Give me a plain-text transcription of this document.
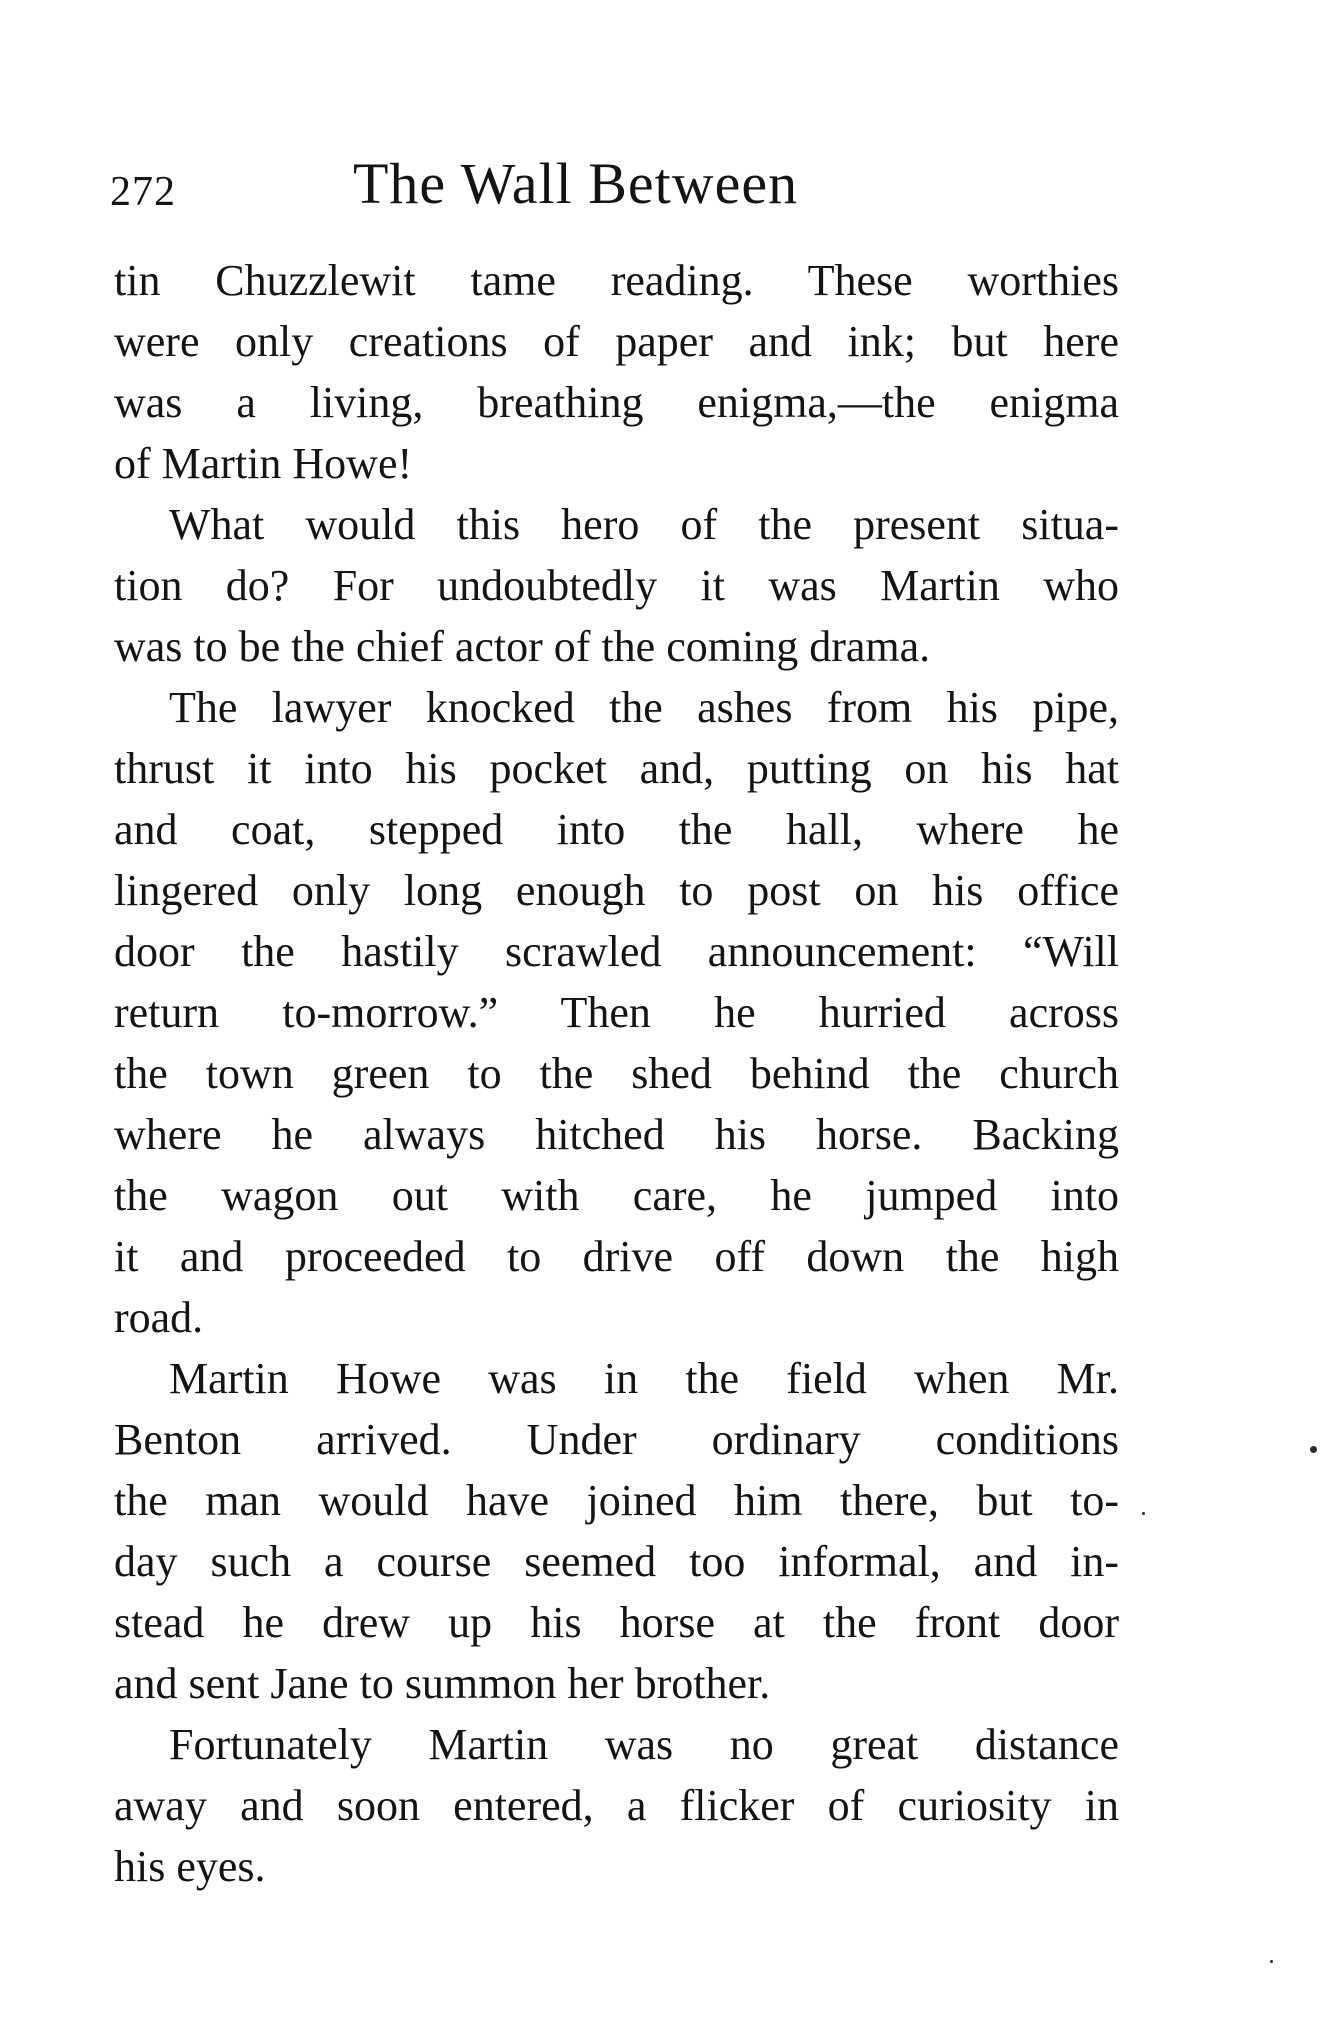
272	The Wall Between
tin Chuzzlewit tame reading. These worthies
were only creations of paper and ink; but here
was a living, breathing enigma,—the enigma
of Martin Howe!
What would this hero of the present situa-
tion do? For undoubtedly it was Martin who
was to be the chief actor of the coming drama.
The lawyer knocked the ashes from his pipe,
thrust it into his pocket and, putting on his hat
and coat, stepped into the hall, where he
lingered only long enough to post on his office
door the hastily scrawled announcement: “Will
return to-morrow.” Then he hurried across
the town green to the shed behind the church
where he always hitched his horse. Backing
the wagon out with care, he jumped into
it and proceeded to drive off down the high
road.
Martin Howe was in the field when Mr.
Benton arrived. Under ordinary conditions
the man would have joined him there, but to-
day such a course seemed too informal, and in-
stead he drew up his horse at the front door
and sent Jane to summon her brother.
Fortunately Martin was no great distance
away and soon entered, a flicker of curiosity in
his eyes.
